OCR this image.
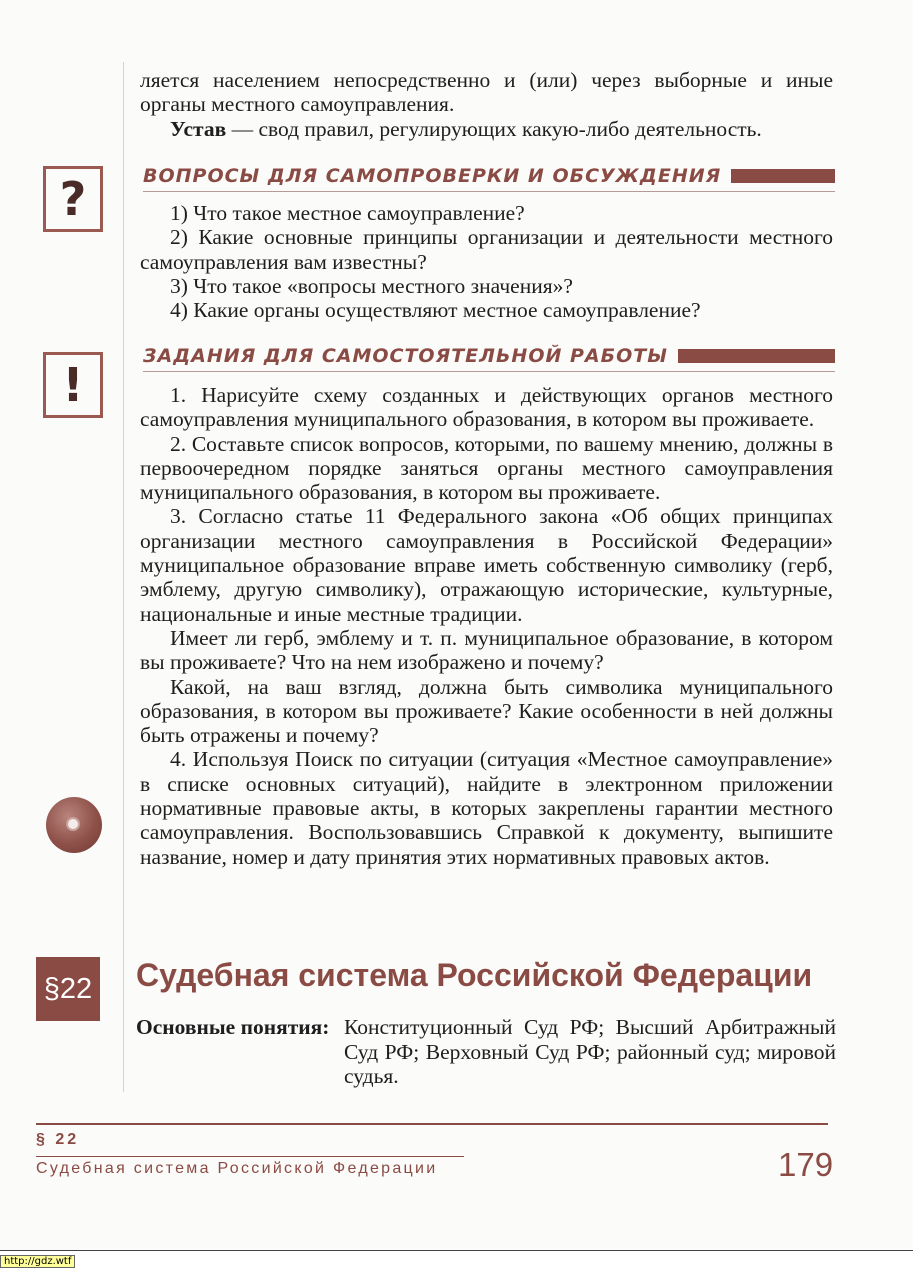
ляется населением непосредственно и (или) через выборные и иные органы местного самоуправления.

Устав — свод правил, регулирующих какую-либо деятельность.

?	ВОПРОСЫ ДЛЯ САМОПРОВЕРКИ И ОБСУЖДЕНИЯ

1) Что такое местное самоуправление?

2) Какие основные принципы организации и деятельности местного самоуправления вам известны?

3) Что такое «вопросы местного значения»?

4) Какие органы осуществляют местное самоуправление?

!
ЗАДАНИЯ ДЛЯ САМОСТОЯТЕЛЬНОЙ РАБОТЫ

1. Нарисуйте схему созданных и действующих органов местного самоуправления муниципального образования, в котором вы проживаете.

2. Составьте список вопросов, которыми, по вашему мнению, должны в первоочередном порядке заняться органы местного самоуправления муниципального образования, в котором вы проживаете.

3. Согласно статье 11 Федерального закона «Об общих принципах организации местного самоуправления в Российской Федерации» муниципальное образование вправе иметь собственную символику (герб, эмблему, другую символику), отражающую исторические, культурные, национальные и иные местные традиции.

Имеет ли герб, эмблему и т. п. муниципальное образование, в котором вы проживаете? Что на нем изображено и почему?

Какой, на ваш взгляд, должна быть символика муниципального образования, в котором вы проживаете? Какие особенности в ней должны быть отражены и почему?

4. Используя Поиск по ситуации (ситуация «Местное самоуправление» в списке основных ситуаций), найдите в электронном приложении нормативные правовые акты, в которых закреплены гарантии местного самоуправления. Воспользовавшись Справкой к документу, выпишите название, номер и дату принятия этих нормативных правовых актов.

§22 Судебная система Российской Федерации
Основные понятия: Конституционный Суд РФ; Высший Арбитражный Суд РФ; Верховный Суд РФ; районный суд; мировой судья.
§ 22
Судебная система Российской Федерации	179
http://gdz.wtf
